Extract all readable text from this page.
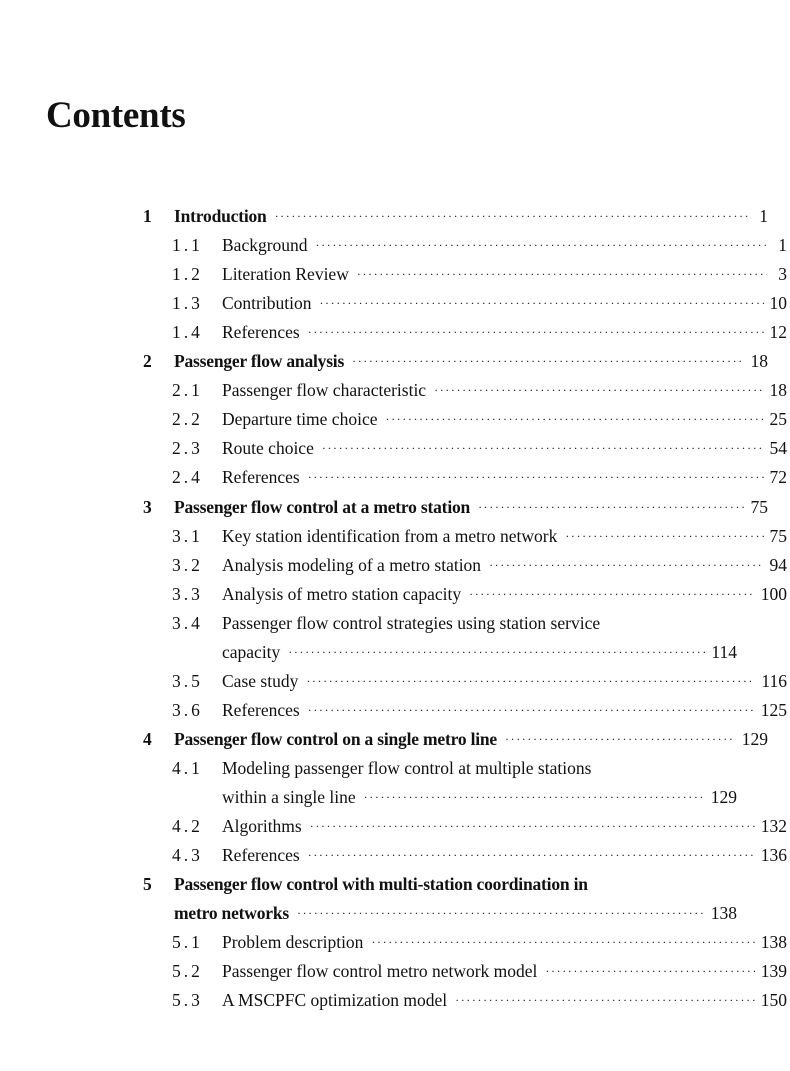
Contents
1 Introduction ·····	1
1.1 Background ·····	1
1.2 Literation Review ·····	3
1.3 Contribution ·····	10
1.4 References ·····	12
2 Passenger flow analysis ·····	18
2.1 Passenger flow characteristic ·····	18
2.2 Departure time choice ·····	25
2.3 Route choice ·····	54
2.4 References ·····	72
3 Passenger flow control at a metro station ·····	75
3.1 Key station identification from a metro network ·····	75
3.2 Analysis modeling of a metro station ·····	94
3.3 Analysis of metro station capacity ·····	100
3.4 Passenger flow control strategies using station service
capacity ·····	114
3.5 Case study ·····	116
3.6 References ·····	125
4 Passenger flow control on a single metro line ·····	129
4.1 Modeling passenger flow control at multiple stations
within a single line ·····	129
4.2 Algorithms ·····	132
4.3 References ·····	136
5 Passenger flow control with multi-station coordination in
metro networks ·····	138
5.1 Problem description ·····	138
5.2 Passenger flow control metro network model ·····	139
5.3 A MSCPFC optimization model ·····	150
